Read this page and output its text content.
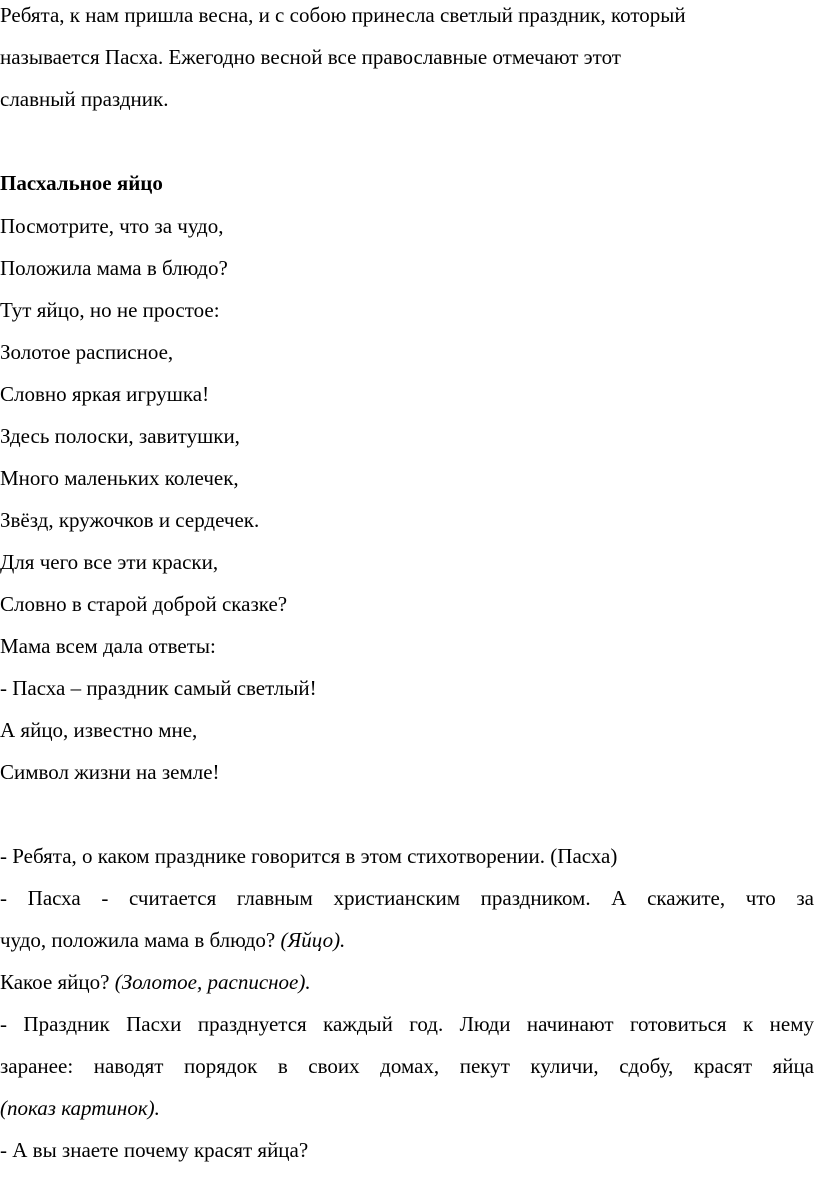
Ребята, к нам пришла весна, и с собою принесла светлый праздник, который
называется Пасха. Ежегодно весной все православные отмечают этот
славный праздник.
Пасхальное яйцо
Посмотрите, что за чудо,
Положила мама в блюдо?
Тут яйцо, но не простое:
Золотое расписное,
Словно яркая игрушка!
Здесь полоски, завитушки,
Много маленьких колечек,
Звёзд, кружочков и сердечек.
Для чего все эти краски,
Словно в старой доброй сказке?
Мама всем дала ответы:
- Пасха – праздник самый светлый!
А яйцо, известно мне,
Символ жизни на земле!
- Ребята, о каком празднике говорится в этом стихотворении. (Пасха)
- Пасха - считается главным христианским праздником. А скажите, что за
чудо, положила мама в блюдо? (Яйцо).
Какое яйцо? (Золотое, расписное).
- Праздник Пасхи празднуется каждый год. Люди начинают готовиться к нему
заранее: наводят порядок в своих домах, пекут куличи, сдобу, красят яйца
(показ картинок).
- А вы знаете почему красят яйца?
